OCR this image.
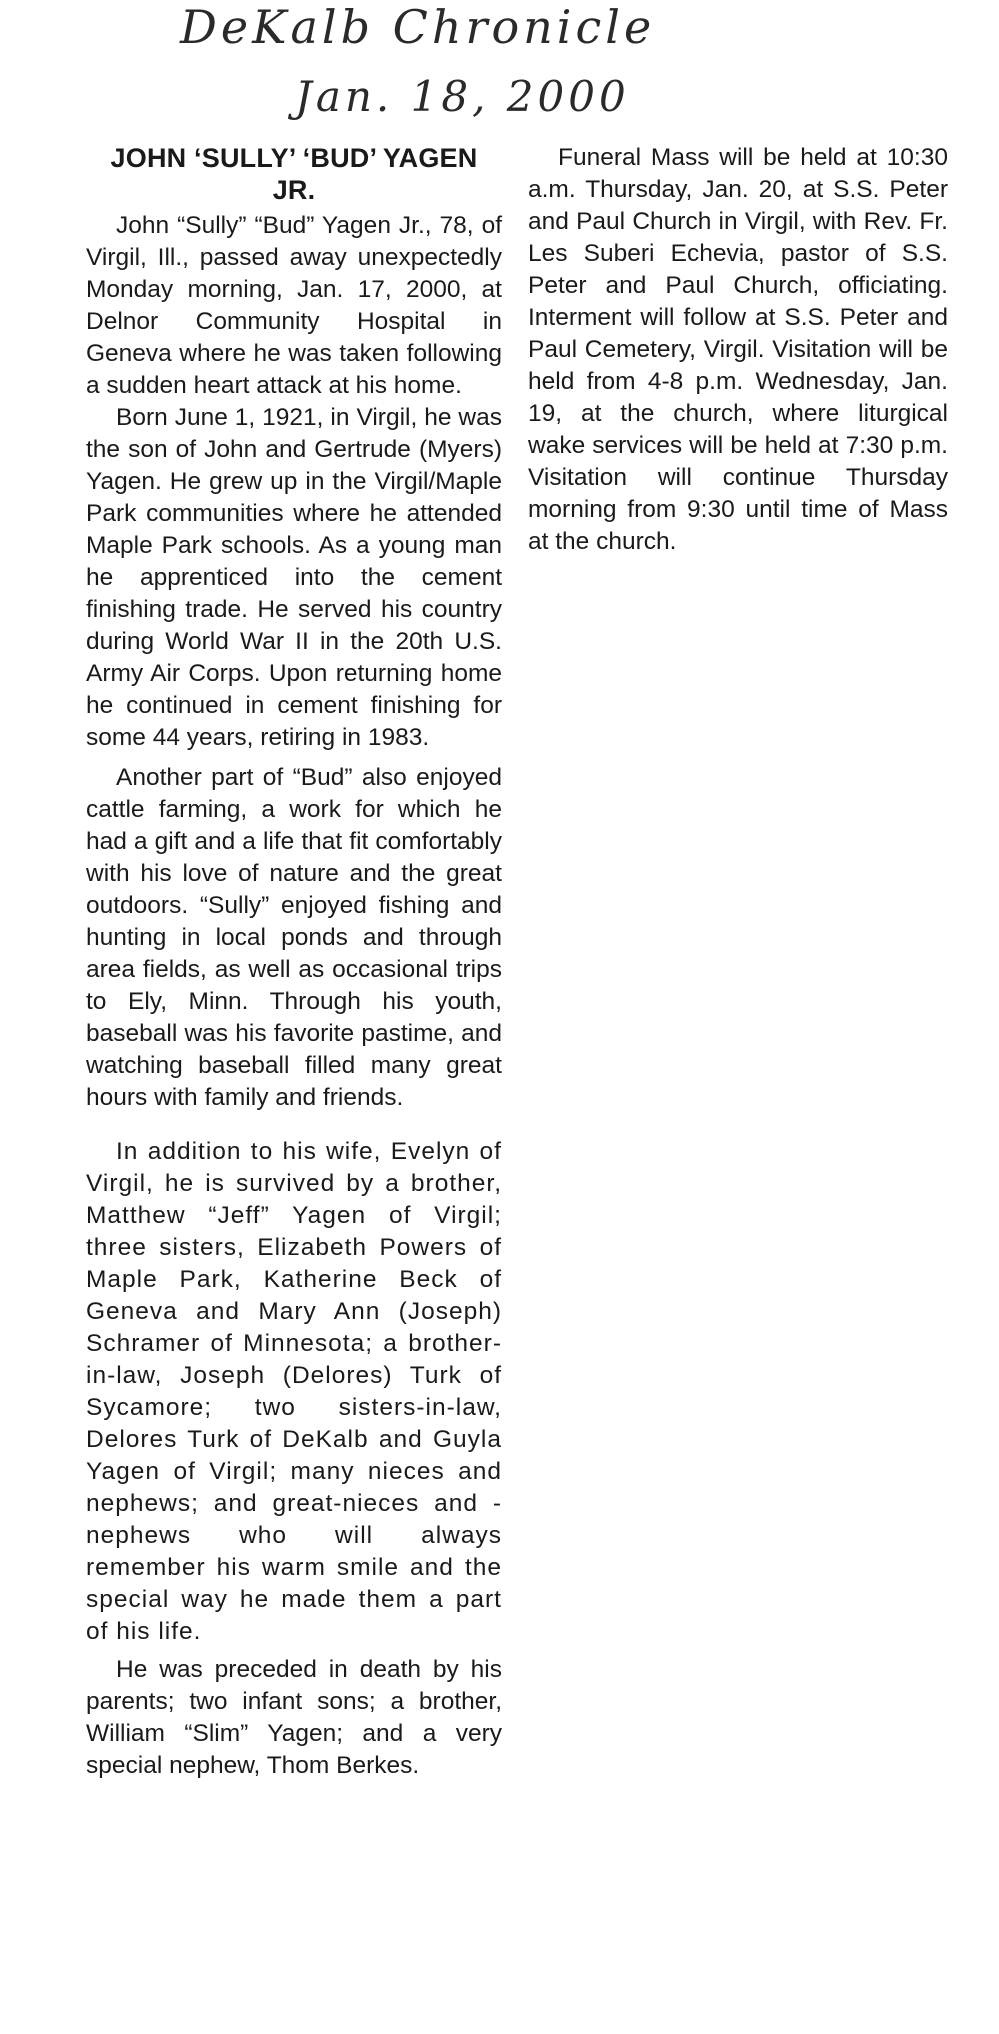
DeKalb Chronicle
Jan. 18, 2000
JOHN ‘SULLY’ ‘BUD’ YAGEN JR.

John “Sully” “Bud” Yagen Jr., 78, of Virgil, Ill., passed away unexpectedly Monday morning, Jan. 17, 2000, at Delnor Community Hospital in Geneva where he was taken following a sudden heart attack at his home.

Born June 1, 1921, in Virgil, he was the son of John and Gertrude (Myers) Yagen. He grew up in the Virgil/Maple Park communities where he attended Maple Park schools. As a young man he apprenticed into the cement finishing trade. He served his country during World War II in the 20th U.S. Army Air Corps. Upon returning home he continued in cement finishing for some 44 years, retiring in 1983.

Another part of “Bud” also enjoyed cattle farming, a work for which he had a gift and a life that fit comfortably with his love of nature and the great outdoors. “Sully” enjoyed fishing and hunting in local ponds and through area fields, as well as occasional trips to Ely, Minn. Through his youth, baseball was his favorite pastime, and watching baseball filled many great hours with family and friends.

In addition to his wife, Evelyn of Virgil, he is survived by a brother, Matthew “Jeff” Yagen of Virgil; three sisters, Elizabeth Powers of Maple Park, Katherine Beck of Geneva and Mary Ann (Joseph) Schramer of Minnesota; a brother-in-law, Joseph (Delores) Turk of Sycamore; two sisters-in-law, Delores Turk of DeKalb and Guyla Yagen of Virgil; many nieces and nephews; and great-nieces and -nephews who will always remember his warm smile and the special way he made them a part of his life.

He was preceded in death by his parents; two infant sons; a brother, William “Slim” Yagen; and a very special nephew, Thom Berkes.

Funeral Mass will be held at 10:30 a.m. Thursday, Jan. 20, at S.S. Peter and Paul Church in Virgil, with Rev. Fr. Les Suberi Echevia, pastor of S.S. Peter and Paul Church, officiating. Interment will follow at S.S. Peter and Paul Cemetery, Virgil. Visitation will be held from 4-8 p.m. Wednesday, Jan. 19, at the church, where liturgical wake services will be held at 7:30 p.m. Visitation will continue Thursday morning from 9:30 until time of Mass at the church.
